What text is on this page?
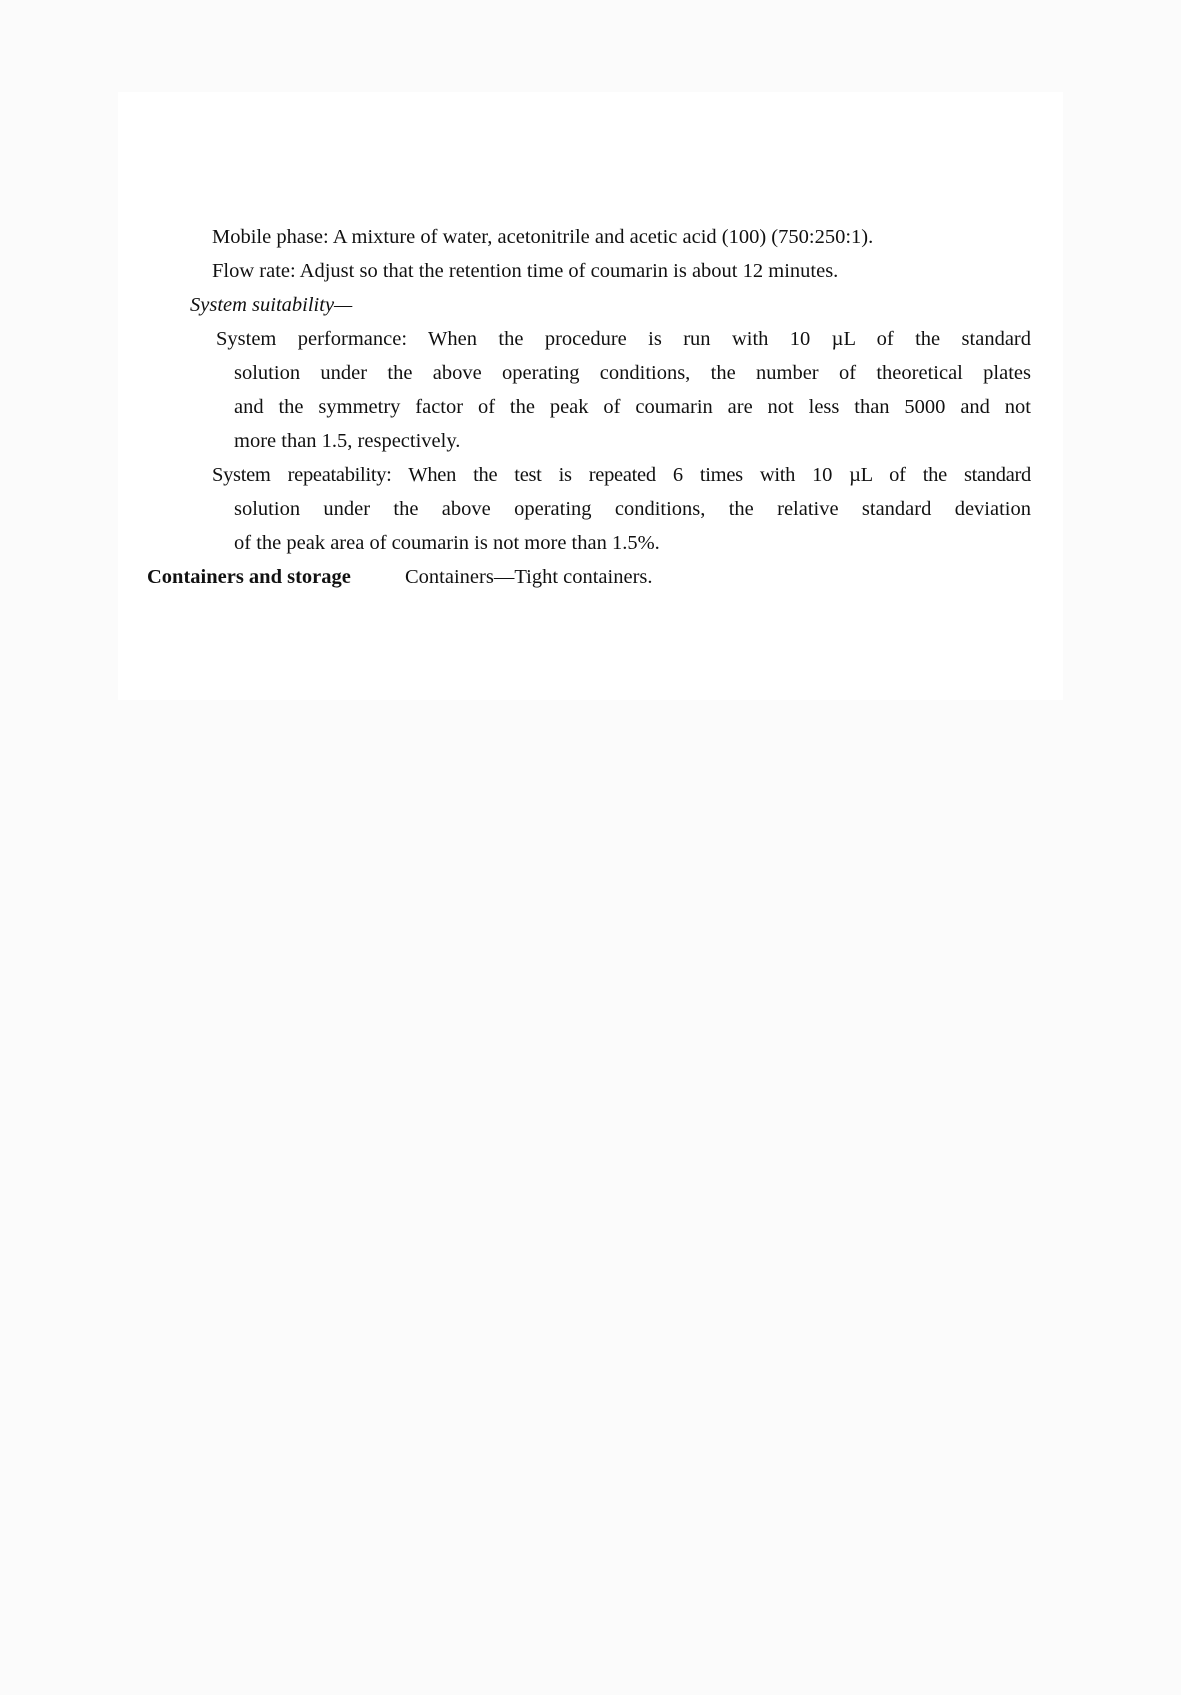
Mobile phase: A mixture of water, acetonitrile and acetic acid (100) (750:250:1).
Flow rate: Adjust so that the retention time of coumarin is about 12 minutes.
System suitability—
System performance: When the procedure is run with 10 µL of the standard
solution under the above operating conditions, the number of theoretical plates
and the symmetry factor of the peak of coumarin are not less than 5000 and not
more than 1.5, respectively.
System repeatability: When the test is repeated 6 times with 10 µL of the standard
solution under the above operating conditions, the relative standard deviation
of the peak area of coumarin is not more than 1.5%.
Containers and storage	Containers—Tight containers.
